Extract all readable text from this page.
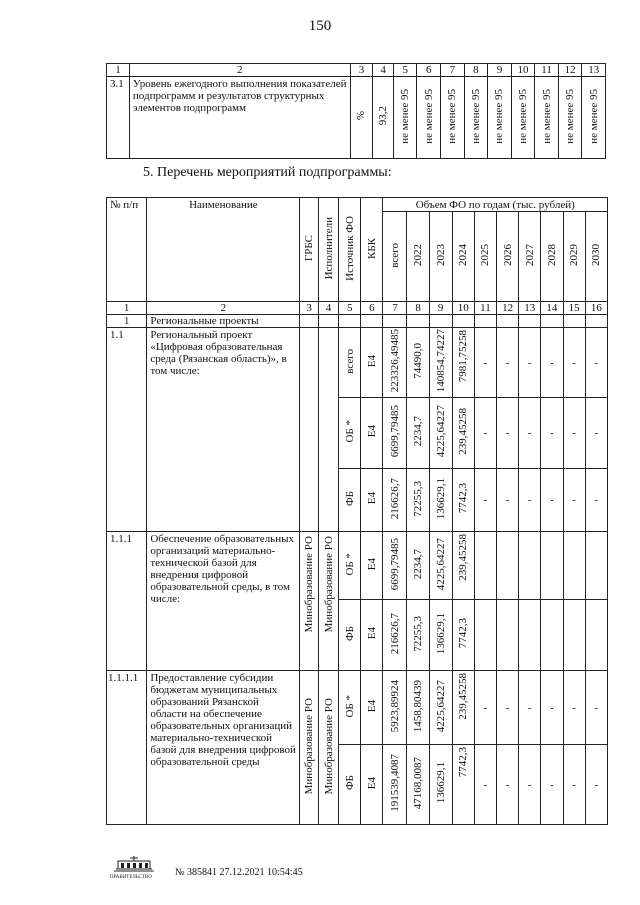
150
1	2	3	4	5	6	7	8	9	10	11	12	13
3.1	Уровень ежегодного выполнения показателей подпрограмм и результатов структурных элементов подпрограмм	%	93,2	не менее 95	не менее 95	не менее 95	не менее 95	не менее 95	не менее 95	не менее 95	не менее 95	не менее 95
5. Перечень мероприятий подпрограммы:
№ п/п	Наименование	ГРБС	Исполнители	Источник ФО	КБК	Объем ФО по годам (тыс. рублей)									
						всего	2022	2023	2024	2025	2026	2027	2028	2029	2030
1	2	3	4	5	6	7	8	9	10	11	12	13	14	15	16
1	Региональные проекты														
1.1	Региональный проект «Цифровая образовательная среда (Рязанская область)», в том числе:			всего	Е4	223326,49485	74490,0	140854,74227	7981,75258	-	-	-	-	-	-
				ОБ *	Е4	6699,79485	2234,7	4225,64227	239,45258	-	-	-	-	-	-
				ФБ	Е4	216626,7	72255,3	136629,1	7742,3	-	-	-	-	-	-
1.1.1	Обеспечение образовательных организаций материально-технической базой для внедрения цифровой образовательной среды, в том числе:	Минобразование РО	Минобразование РО	ОБ *	Е4	6699,79485	2234,7	4225,64227	239,45258						
				ФБ	Е4	216626,7	72255,3	136629,1	7742,3						
1.1.1.1	Предоставление субсидии бюджетам муниципальных образований Рязанской области на обеспечение образовательных организаций материально-технической базой для внедрения цифровой образовательной среды	Минобразование РО	Минобразование РО	ОБ *	Е4	5923,89924	1458,80439	4225,64227	239,45258	-	-	-	-	-	-
				ФБ	Е4	191539,4087	47168,0087	136629,1	7742,3	-	-	-	-	-	-
ПРАВИТЕЛЬСТВО № 385841 27.12.2021 10:54:45
